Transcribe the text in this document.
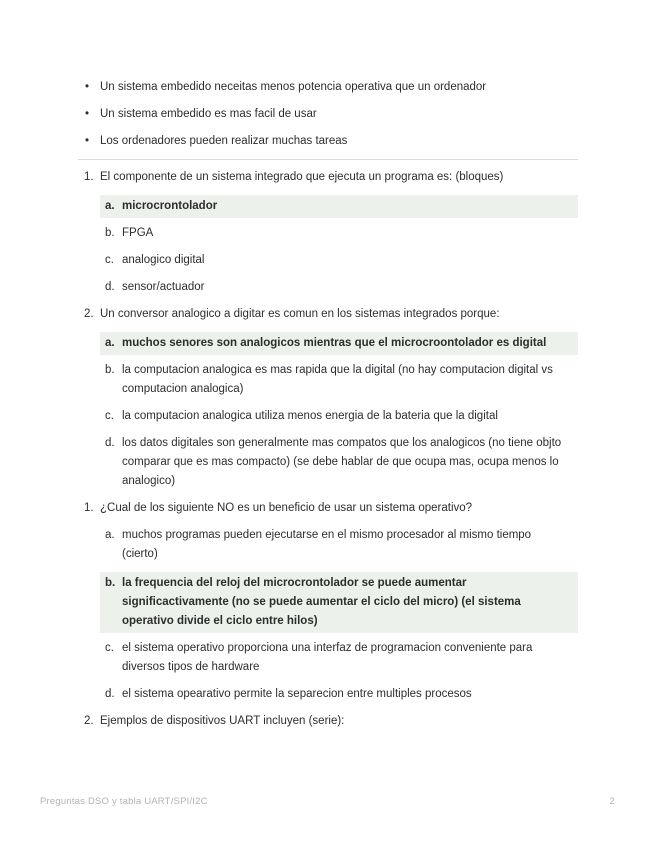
• Un sistema embedido neceitas menos potencia operativa que un ordenador
• Un sistema embedido es mas facil de usar
• Los ordenadores pueden realizar muchas tareas
1. El componente de un sistema integrado que ejecuta un programa es: (bloques)
a. microcrontolador
b. FPGA
c. analogico digital
d. sensor/actuador
2. Un conversor analogico a digitar es comun en los sistemas integrados porque:
a. muchos senores son analogicos mientras que el microcroontolador es digital
b. la computacion analogica es mas rapida que la digital (no hay computacion digital vs computacion analogica)
c. la computacion analogica utiliza menos energia de la bateria que la digital
d. los datos digitales son generalmente mas compatos que los analogicos (no tiene objto comparar que es mas compacto) (se debe hablar de que ocupa mas, ocupa menos lo analogico)
1. ¿Cual de los siguiente NO es un beneficio de usar un sistema operativo?
a. muchos programas pueden ejecutarse en el mismo procesador al mismo tiempo (cierto)
b. la frequencia del reloj del microcrontolador se puede aumentar significactivamente (no se puede aumentar el ciclo del micro) (el sistema operativo divide el ciclo entre hilos)
c. el sistema operativo proporciona una interfaz de programacion conveniente para diversos tipos de hardware
d. el sistema opearativo permite la separecion entre multiples procesos
2. Ejemplos de dispositivos UART incluyen (serie):
Preguntas DSO y tabla UART/SPI/I2C	2
